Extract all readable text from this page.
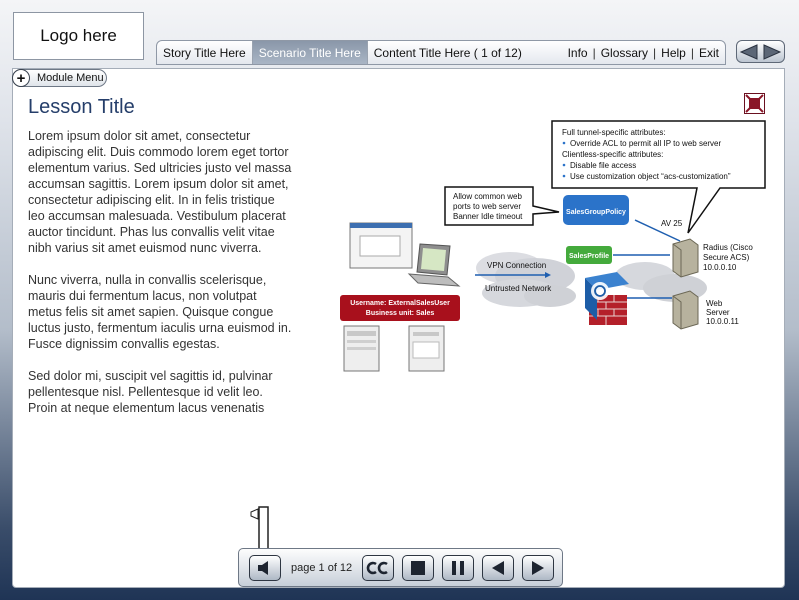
Logo here
Story Title Here Scenario Title Here Content Title Here ( 1 of 12)	Info | Glossary | Help | Exit
+	Module Menu
Lesson Title

Lorem ipsum dolor sit amet, consectetur adipiscing elit. Duis commodo lorem eget tortor elementum varius. Sed ultricies justo vel massa accumsan sagittis. Lorem ipsum dolor sit amet, consectetur adipiscing elit. In in felis tristique leo accumsan malesuada. Vestibulum placerat auctor tincidunt. Phas lus convallis velit vitae nibh varius sit amet euismod nunc viverra.

Nunc viverra, nulla in convallis scelerisque, mauris dui fermentum lacus, non volutpat metus felis sit amet sapien. Quisque congue luctus justo, fermentum iaculis urna euismod in. Fusce dignissim convallis egestas.

Sed dolor mi, suscipit vel sagittis id, pulvinar pellentesque nisl. Pellentesque id velit leo. Proin at neque elementum lacus venenatis

Full tunnel-specific attributes:
Override ACL to permit all IP to web server
Clientless-specific attributes:
Disable file access
Use customization object “acs-customization”
Allow common web
ports to web server
Banner Idle timeout	SalesGroupPolicy
AV 25
Username: ExternalSalesUser
Business unit: Sales
VPN Connection
Untrusted Network
SalesProfile
Radius (Cisco
Secure ACS)
10.0.0.10
Web
Server
10.0.0.11
page 1 of 12
